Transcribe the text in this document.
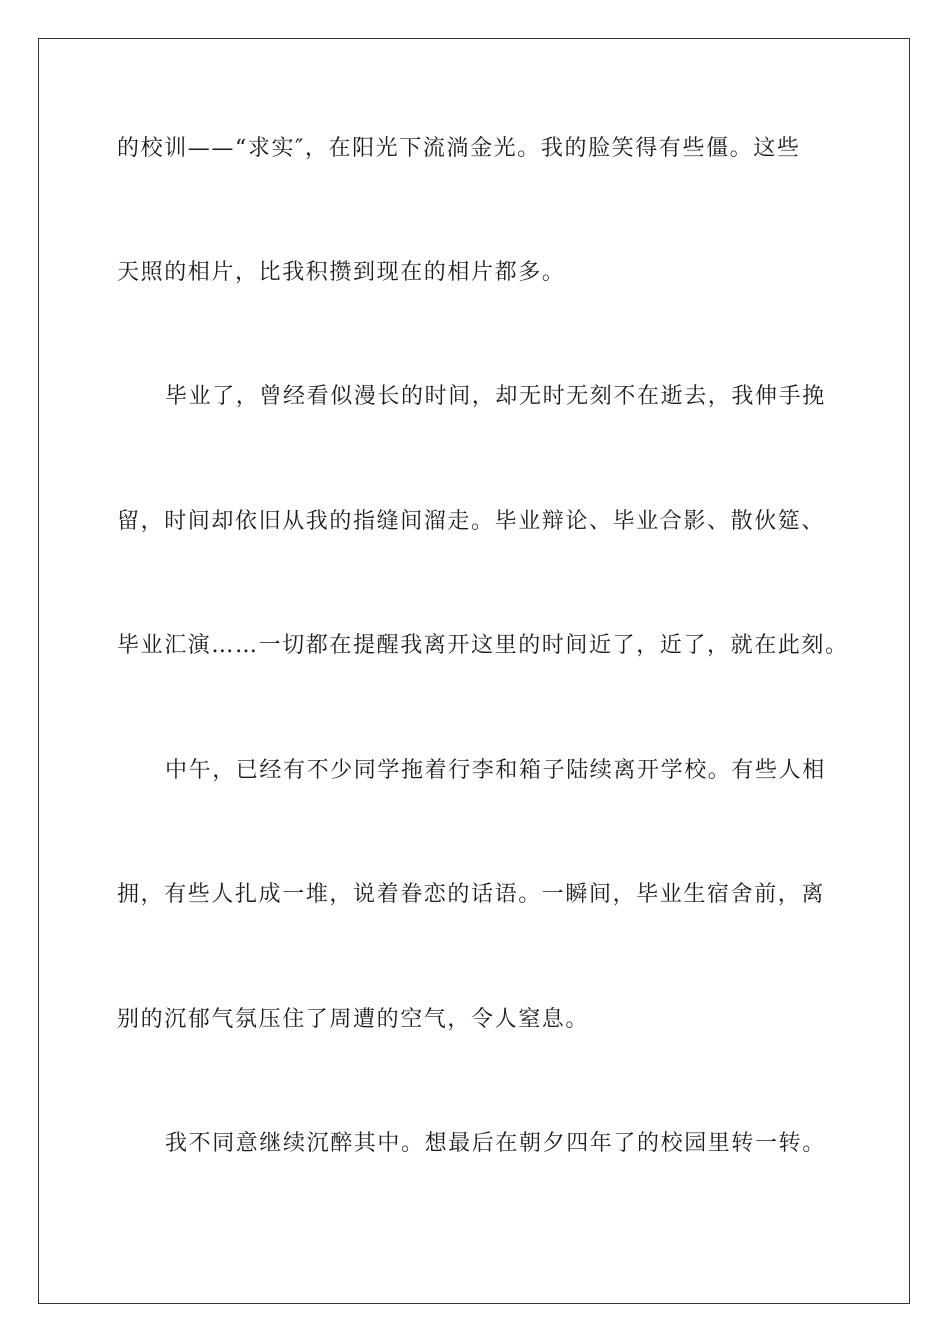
的校训——“求实″，在阳光下流淌金光。我的脸笑得有些僵。这些
天照的相片，比我积攒到现在的相片都多。
毕业了，曾经看似漫长的时间，却无时无刻不在逝去，我伸手挽
留，时间却依旧从我的指缝间溜走。毕业辩论、毕业合影、散伙筵、
毕业汇演……一切都在提醒我离开这里的时间近了，近了，就在此刻。
中午，已经有不少同学拖着行李和箱子陆续离开学校。有些人相
拥，有些人扎成一堆，说着眷恋的话语。一瞬间，毕业生宿舍前，离
别的沉郁气氛压住了周遭的空气，令人窒息。
我不同意继续沉醉其中。想最后在朝夕四年了的校园里转一转。
